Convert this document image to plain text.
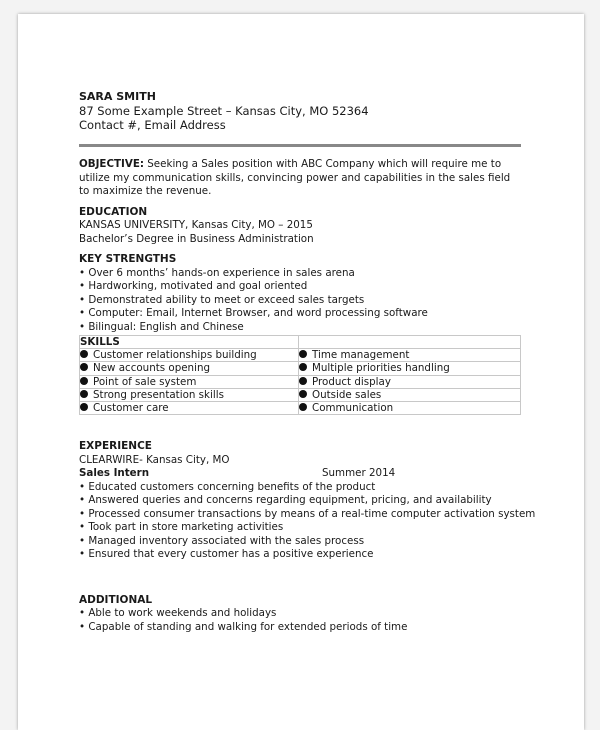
SARA SMITH
87 Some Example Street – Kansas City, MO 52364
Contact #, Email Address
OBJECTIVE: Seeking a Sales position with ABC Company which will require me to utilize my communication skills, convincing power and capabilities in the sales field to maximize the revenue.
EDUCATION
KANSAS UNIVERSITY, Kansas City, MO – 2015
Bachelor’s Degree in Business Administration
KEY STRENGTHS
• Over 6 months’ hands-on experience in sales arena
• Hardworking, motivated and goal oriented
• Demonstrated ability to meet or exceed sales targets
• Computer: Email, Internet Browser, and word processing software
• Bilingual: English and Chinese
SKILLS	
Customer relationships building	Time management
New accounts opening	Multiple priorities handling
Point of sale system	Product display
Strong presentation skills	Outside sales
Customer care	Communication
EXPERIENCE
CLEARWIRE- Kansas City, MO
Sales Intern	Summer 2014
• Educated customers concerning benefits of the product
• Answered queries and concerns regarding equipment, pricing, and availability
• Processed consumer transactions by means of a real-time computer activation system
• Took part in store marketing activities
• Managed inventory associated with the sales process
• Ensured that every customer has a positive experience
ADDITIONAL
• Able to work weekends and holidays
• Capable of standing and walking for extended periods of time
